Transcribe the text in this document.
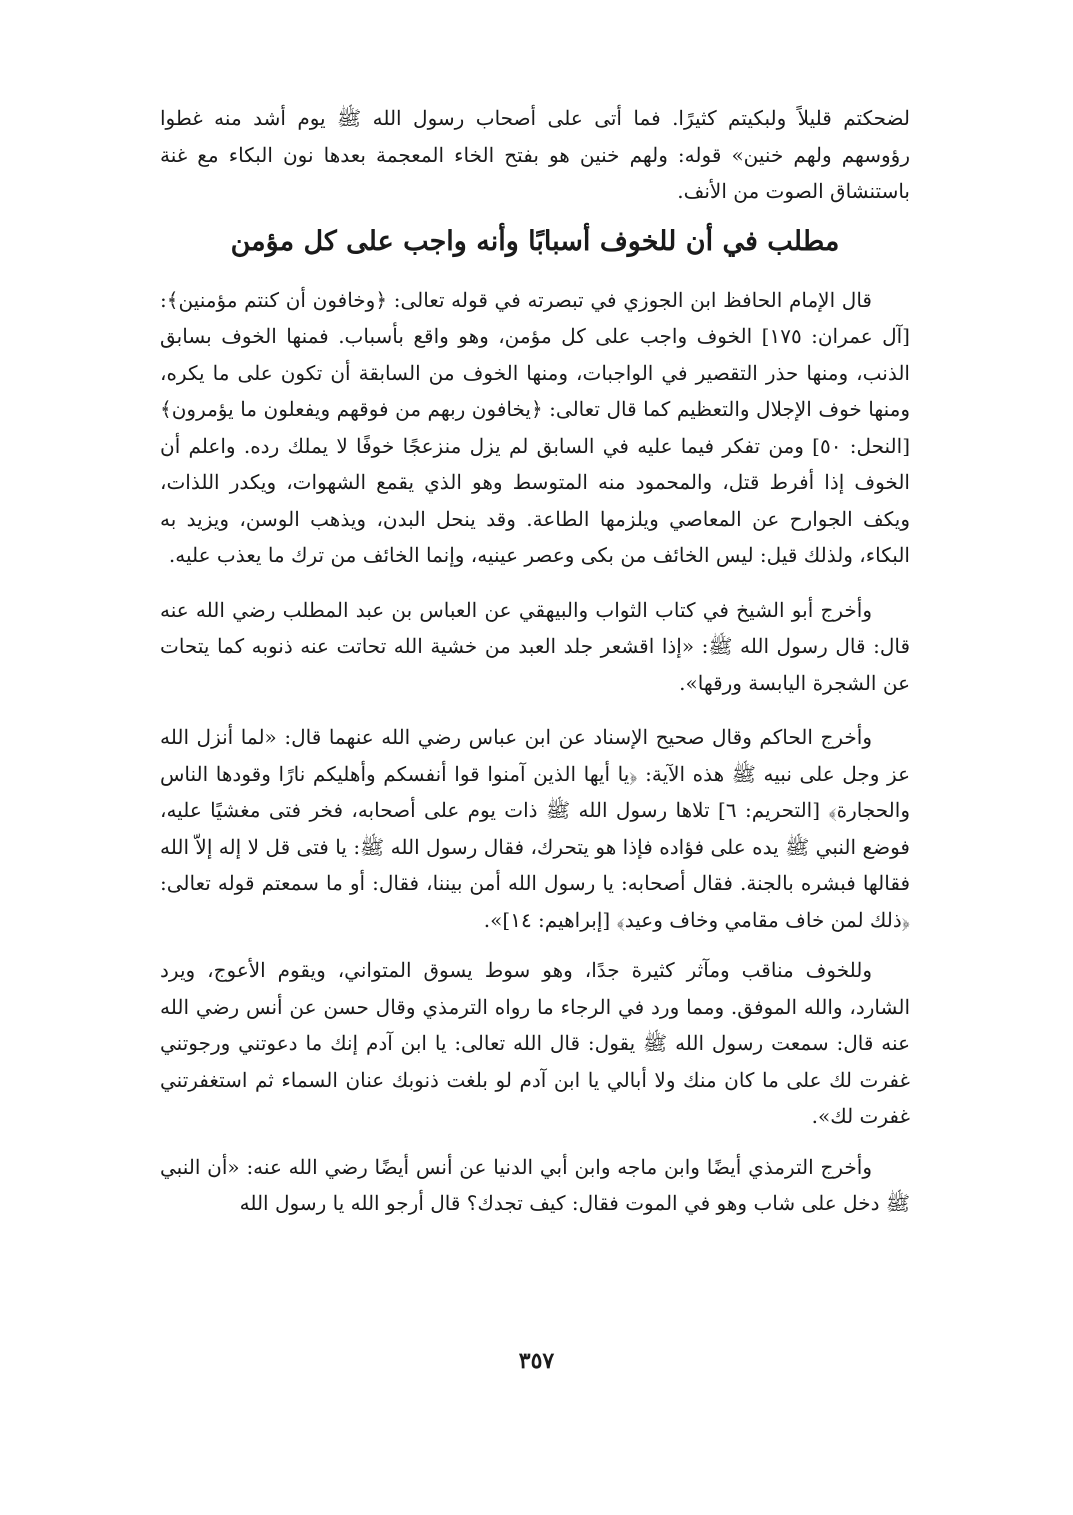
لضحكتم قليلاً ولبكيتم كثيرًا. فما أتى على أصحاب رسول الله ﷺ يوم أشد منه غطوا رؤوسهم ولهم خنين» قوله: ولهم خنين هو بفتح الخاء المعجمة بعدها نون البكاء مع غنة باستنشاق الصوت من الأنف.

مطلب في أن للخوف أسبابًا وأنه واجب على كل مؤمن

قال الإمام الحافظ ابن الجوزي في تبصرته في قوله تعالى: ﴿وخافون أن كنتم مؤمنين﴾: [آل عمران: ١٧٥] الخوف واجب على كل مؤمن، وهو واقع بأسباب. فمنها الخوف بسابق الذنب، ومنها حذر التقصير في الواجبات، ومنها الخوف من السابقة أن تكون على ما يكره، ومنها خوف الإجلال والتعظيم كما قال تعالى: ﴿يخافون ربهم من فوقهم ويفعلون ما يؤمرون﴾ [النحل: ٥٠] ومن تفكر فيما عليه في السابق لم يزل منزعجًا خوفًا لا يملك رده. واعلم أن الخوف إذا أفرط قتل، والمحمود منه المتوسط وهو الذي يقمع الشهوات، ويكدر اللذات، ويكف الجوارح عن المعاصي ويلزمها الطاعة. وقد ينحل البدن، ويذهب الوسن، ويزيد به البكاء، ولذلك قيل: ليس الخائف من بكى وعصر عينيه، وإنما الخائف من ترك ما يعذب عليه.

وأخرج أبو الشيخ في كتاب الثواب والبيهقي عن العباس بن عبد المطلب رضي الله عنه قال: قال رسول الله ﷺ: «إذا اقشعر جلد العبد من خشية الله تحاتت عنه ذنوبه كما يتحات عن الشجرة اليابسة ورقها».

وأخرج الحاكم وقال صحيح الإسناد عن ابن عباس رضي الله عنهما قال: «لما أنزل الله عز وجل على نبيه ﷺ هذه الآية: ﴿يا أيها الذين آمنوا قوا أنفسكم وأهليكم نارًا وقودها الناس والحجارة﴾ [التحريم: ٦] تلاها رسول الله ﷺ ذات يوم على أصحابه، فخر فتى مغشيًا عليه، فوضع النبي ﷺ يده على فؤاده فإذا هو يتحرك، فقال رسول الله ﷺ: يا فتى قل لا إله إلاّ الله فقالها فبشره بالجنة. فقال أصحابه: يا رسول الله أمن بيننا، فقال: أو ما سمعتم قوله تعالى: ﴿ذلك لمن خاف مقامي وخاف وعيد﴾ [إبراهيم: ١٤]».

وللخوف مناقب ومآثر كثيرة جدًا، وهو سوط يسوق المتواني، ويقوم الأعوج، ويرد الشارد، والله الموفق. ومما ورد في الرجاء ما رواه الترمذي وقال حسن عن أنس رضي الله عنه قال: سمعت رسول الله ﷺ يقول: قال الله تعالى: يا ابن آدم إنك ما دعوتني ورجوتني غفرت لك على ما كان منك ولا أبالي يا ابن آدم لو بلغت ذنوبك عنان السماء ثم استغفرتني غفرت لك».

وأخرج الترمذي أيضًا وابن ماجه وابن أبي الدنيا عن أنس أيضًا رضي الله عنه: «أن النبي ﷺ دخل على شاب وهو في الموت فقال: كيف تجدك؟ قال أرجو الله يا رسول الله

٣٥٧
